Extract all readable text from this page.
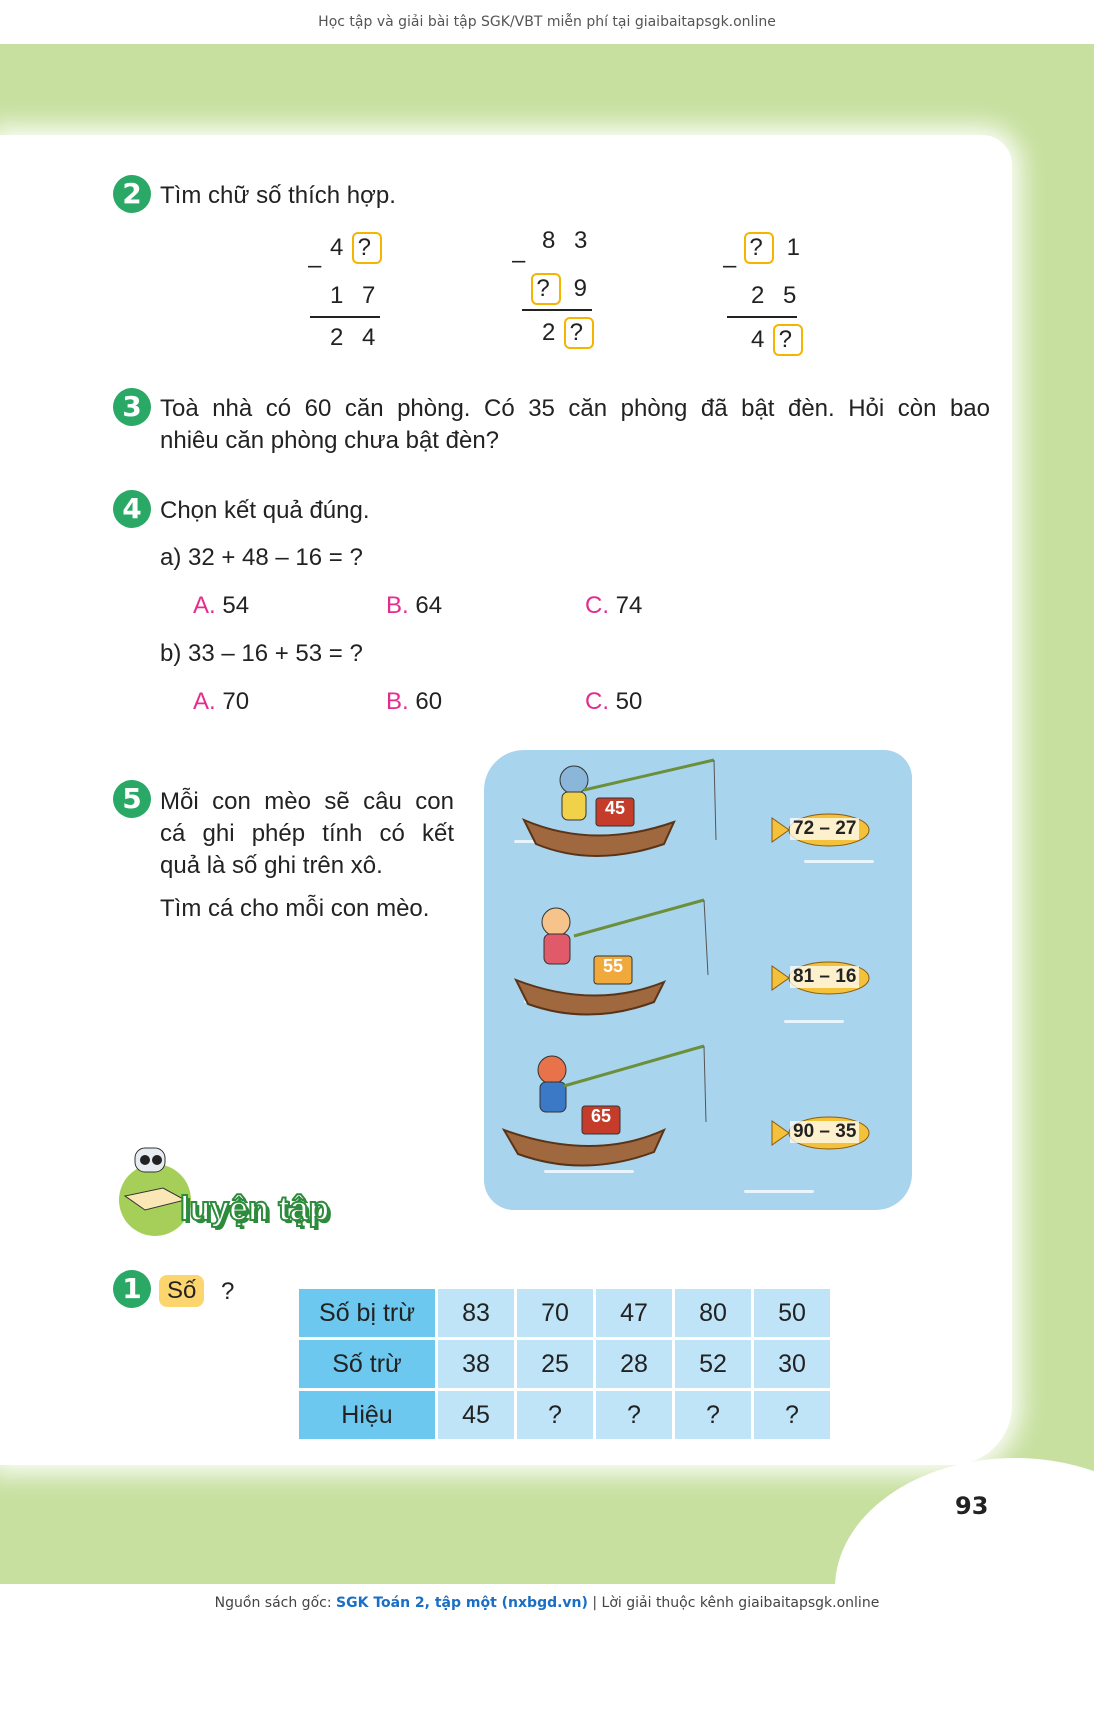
Học tập và giải bài tập SGK/VBT miễn phí tại giaibaitapsgk.online
93
2 Tìm chữ số thích hợp.
4 ?
–
1 7
2 4
8 3
–
? 9
2 ?
? 1
–
2 5
4 ?
3 Toà nhà có 60 căn phòng. Có 35 căn phòng đã bật đèn. Hỏi còn bao
nhiêu căn phòng chưa bật đèn?
4 Chọn kết quả đúng.
a) 32 + 48 – 16 = ?
A. 54	B. 64	C. 74
b) 33 – 16 + 53 = ?
A. 70	B. 60	C. 50
5 Mỗi con mèo sẽ câu con
cá ghi phép tính có kết
quả là số ghi trên xô.
Tìm cá cho mỗi con mèo.
45
55
65
72 – 27
81 – 16
90 – 35
luyện tập
1	Số	?
Số bị trừ	83	70	47	80	50
Số trừ	38	25	28	52	30
Hiệu	45	?	?	?	?
Nguồn sách gốc: SGK Toán 2, tập một (nxbgd.vn) | Lời giải thuộc kênh giaibaitapsgk.online
